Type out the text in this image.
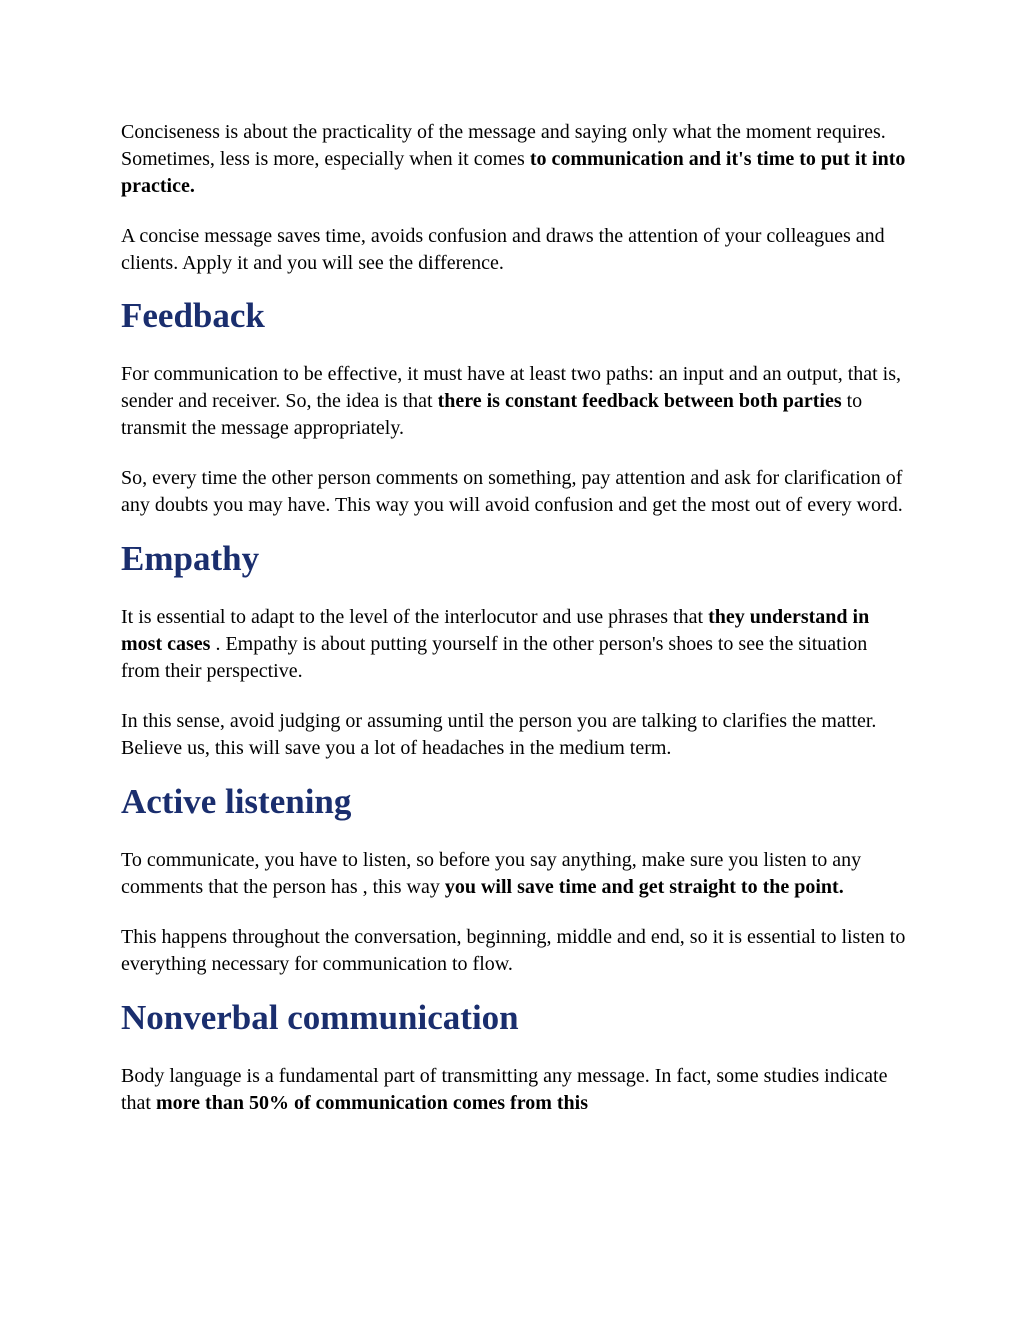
Conciseness is about the practicality of the message and saying only what the moment requires. Sometimes, less is more, especially when it comes to communication and it's time to put it into practice.

A concise message saves time, avoids confusion and draws the attention of your colleagues and clients. Apply it and you will see the difference.

Feedback

For communication to be effective, it must have at least two paths: an input and an output, that is, sender and receiver. So, the idea is that there is constant feedback between both parties to transmit the message appropriately.

So, every time the other person comments on something, pay attention and ask for clarification of any doubts you may have. This way you will avoid confusion and get the most out of every word.

Empathy

It is essential to adapt to the level of the interlocutor and use phrases that they understand in most cases . Empathy is about putting yourself in the other person's shoes to see the situation from their perspective.

In this sense, avoid judging or assuming until the person you are talking to clarifies the matter. Believe us, this will save you a lot of headaches in the medium term.

Active listening

To communicate, you have to listen, so before you say anything, make sure you listen to any comments that the person has , this way you will save time and get straight to the point.

This happens throughout the conversation, beginning, middle and end, so it is essential to listen to everything necessary for communication to flow.

Nonverbal communication

Body language is a fundamental part of transmitting any message. In fact, some studies indicate that more than 50% of communication comes from this
